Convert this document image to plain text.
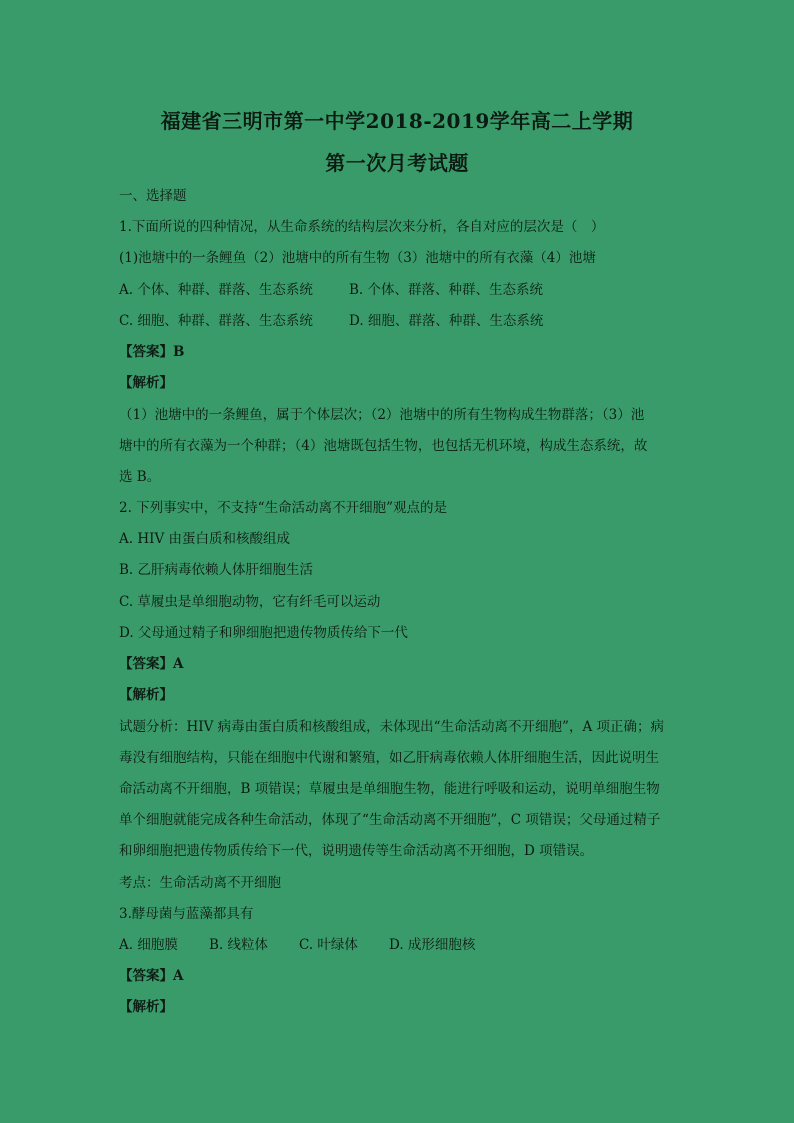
福建省三明市第一中学2018-2019学年高二上学期
第一次月考试题
一、选择题
1.下面所说的四种情况，从生命系统的结构层次来分析，各自对应的层次是（　）
(1)池塘中的一条鲤鱼（2）池塘中的所有生物（3）池塘中的所有衣藻（4）池塘
A. 个体、种群、群落、生态系统	B. 个体、群落、种群、生态系统
C. 细胞、种群、群落、生态系统	D. 细胞、群落、种群、生态系统
【答案】B
【解析】
（1）池塘中的一条鲤鱼，属于个体层次；（2）池塘中的所有生物构成生物群落；（3）池
塘中的所有衣藻为一个种群；（4）池塘既包括生物，也包括无机环境，构成生态系统，故
选 B。
2. 下列事实中，不支持“生命活动离不开细胞”观点的是
A. HIV 由蛋白质和核酸组成
B. 乙肝病毒依赖人体肝细胞生活
C. 草履虫是单细胞动物，它有纤毛可以运动
D. 父母通过精子和卵细胞把遗传物质传给下一代
【答案】A
【解析】
试题分析：HIV 病毒由蛋白质和核酸组成，未体现出“生命活动离不开细胞”，A 项正确；病
毒没有细胞结构，只能在细胞中代谢和繁殖，如乙肝病毒依赖人体肝细胞生活，因此说明生
命活动离不开细胞，B 项错误；草履虫是单细胞生物，能进行呼吸和运动，说明单细胞生物
单个细胞就能完成各种生命活动，体现了“生命活动离不开细胞”，C 项错误；父母通过精子
和卵细胞把遗传物质传给下一代，说明遗传等生命活动离不开细胞，D 项错误。
考点：生命活动离不开细胞
3.酵母菌与蓝藻都具有
A. 细胞膜 B. 线粒体 C. 叶绿体 D. 成形细胞核
【答案】A
【解析】
